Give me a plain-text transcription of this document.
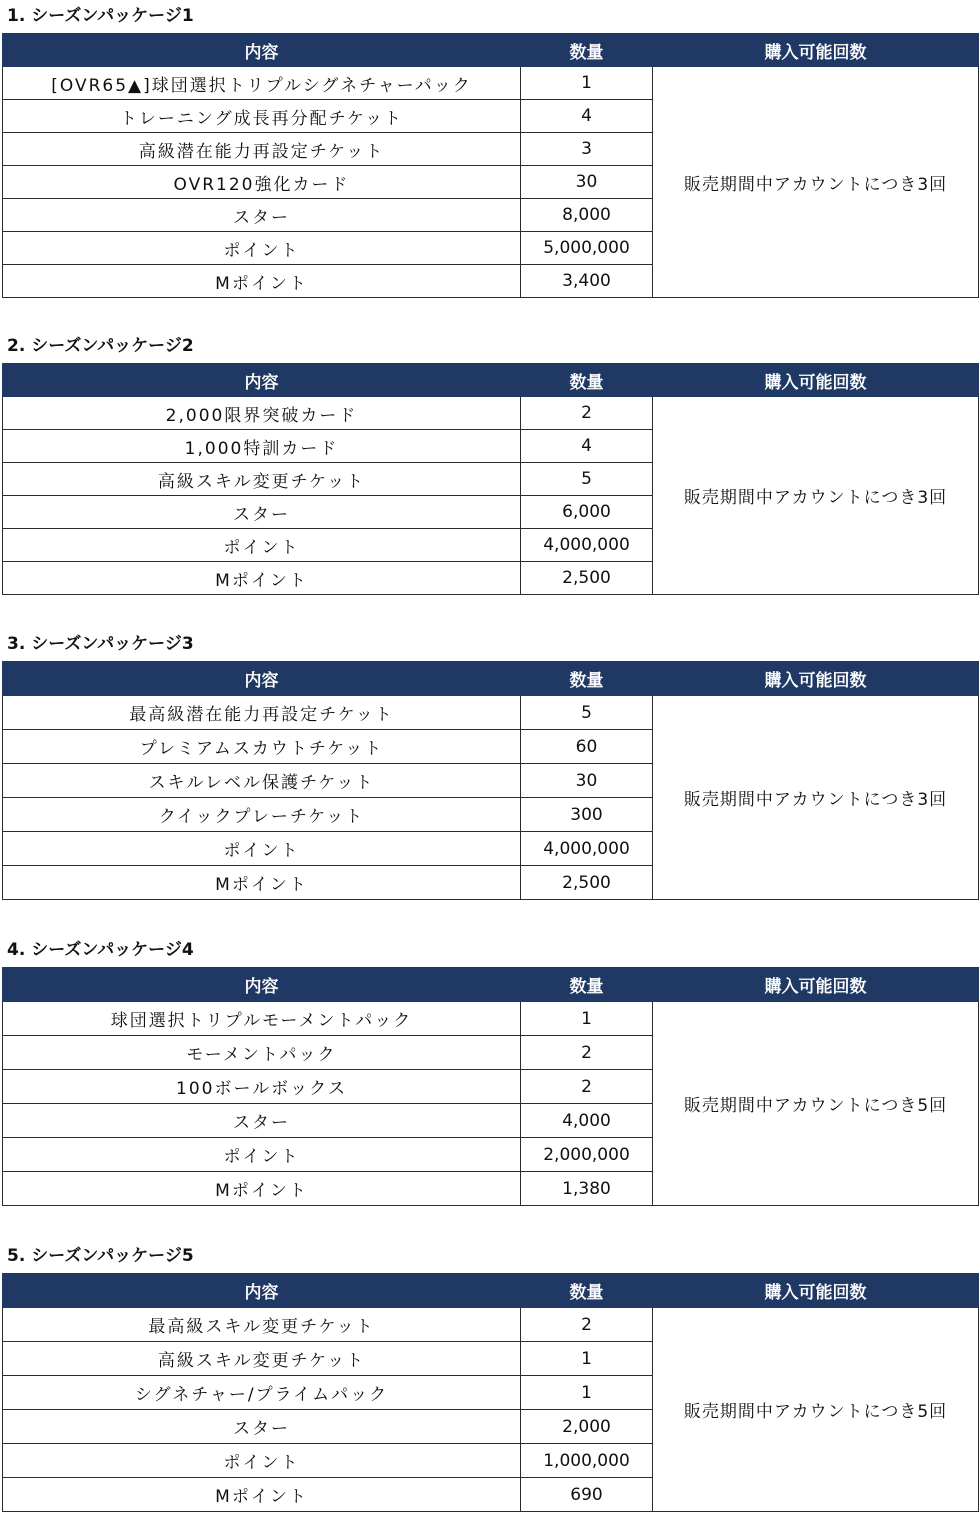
1. シーズンパッケージ1
内容	数量	購入可能回数
[OVR65▲]球団選択トリプルシグネチャーパック	1	販売期間中アカウントにつき3回
トレーニング成長再分配チケット	4	
高級潜在能力再設定チケット	3	
OVR120強化カード	30	
スター	8,000	
ポイント	5,000,000	
Mポイント	3,400	
2. シーズンパッケージ2
内容	数量	購入可能回数
2,000限界突破カード	2	販売期間中アカウントにつき3回
1,000特訓カード	4	
高級スキル変更チケット	5	
スター	6,000	
ポイント	4,000,000	
Mポイント	2,500	
3. シーズンパッケージ3
内容	数量	購入可能回数
最高級潜在能力再設定チケット	5	販売期間中アカウントにつき3回
プレミアムスカウトチケット	60	
スキルレベル保護チケット	30	
クイックプレーチケット	300	
ポイント	4,000,000	
Mポイント	2,500	
4. シーズンパッケージ4
内容	数量	購入可能回数
球団選択トリプルモーメントパック	1	販売期間中アカウントにつき5回
モーメントパック	2	
100ボールボックス	2	
スター	4,000	
ポイント	2,000,000	
Mポイント	1,380	
5. シーズンパッケージ5
内容	数量	購入可能回数
最高級スキル変更チケット	2	販売期間中アカウントにつき5回
高級スキル変更チケット	1	
シグネチャー/プライムパック	1	
スター	2,000	
ポイント	1,000,000	
Mポイント	690	
